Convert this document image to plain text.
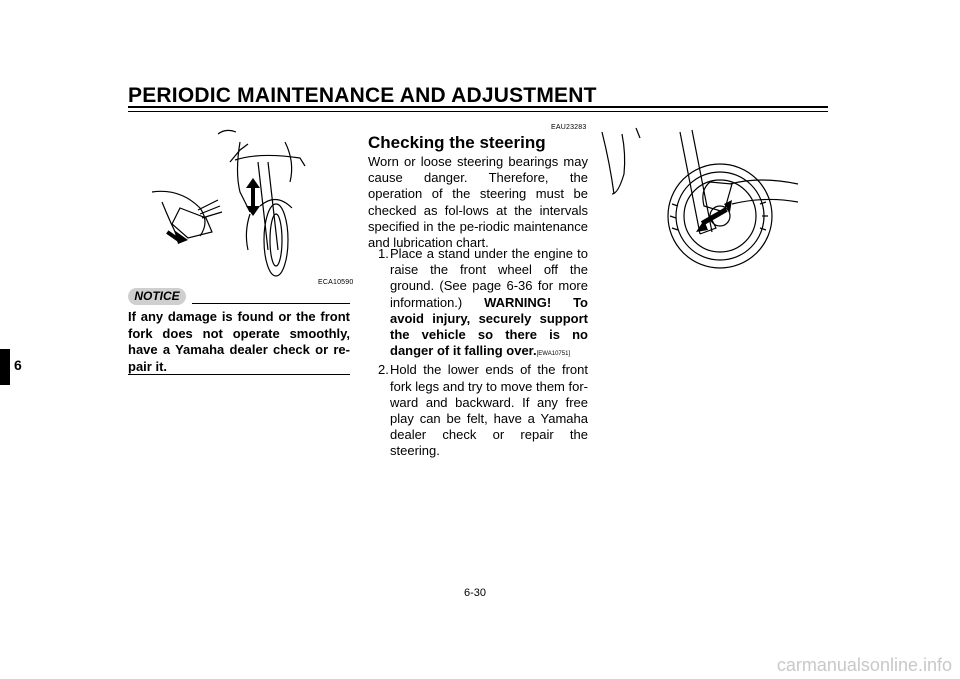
PERIODIC MAINTENANCE AND ADJUSTMENT
6
ECA10590
NOTICE
If any damage is found or the front fork does not operate smoothly, have a Yamaha dealer check or re-pair it.
EAU23283
Checking the steering
Worn or loose steering bearings may cause danger. Therefore, the operation of the steering must be checked as fol-lows at the intervals specified in the pe-riodic maintenance and lubrication chart.
1. Place a stand under the engine to raise the front wheel off the ground. (See page 6-36 for more information.) WARNING! To avoid injury, securely support the vehicle so there is no danger of it falling over.[EWA10751]
2. Hold the lower ends of the front fork legs and try to move them for-ward and backward. If any free play can be felt, have a Yamaha dealer check or repair the steering.
6-30
carmanualsonline.info
